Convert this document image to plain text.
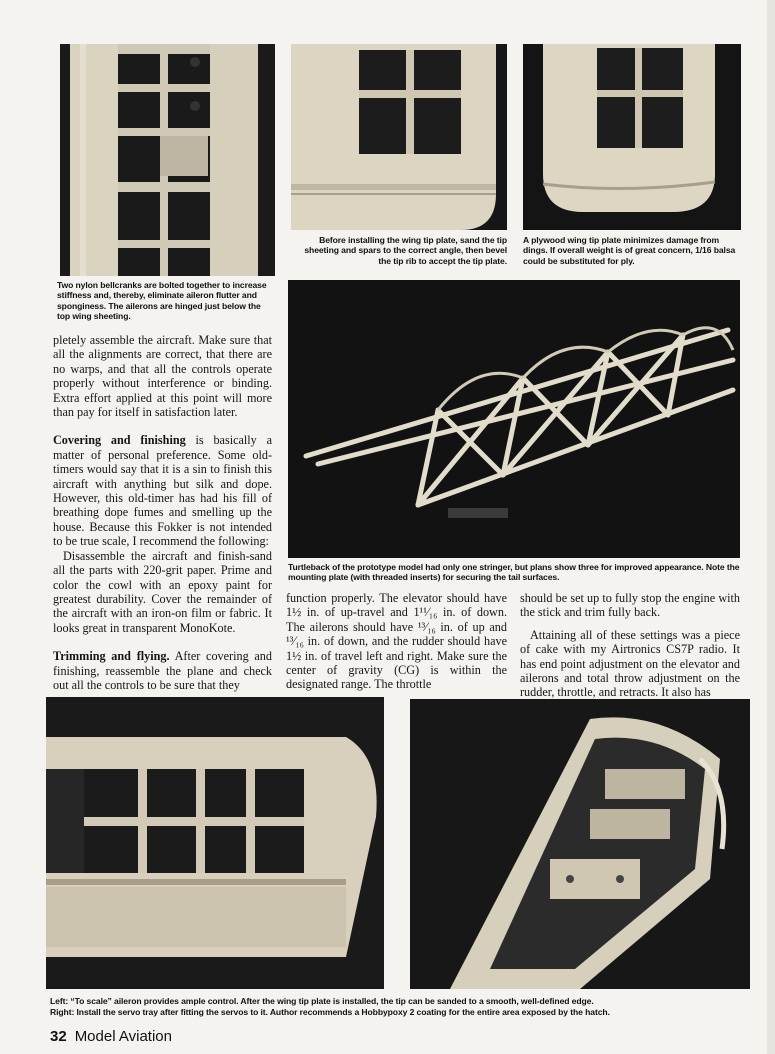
Two nylon bellcranks are bolted together to increase stiffness and, thereby, eliminate aileron flutter and sponginess. The ailerons are hinged just below the top wing sheeting.

Before installing the wing tip plate, sand the tip sheeting and spars to the correct angle, then bevel the tip rib to accept the tip plate.

A plywood wing tip plate minimizes damage from dings. If overall weight is of great concern, 1/16 balsa could be substituted for ply.

Turtleback of the prototype model had only one stringer, but plans show three for improved appearance. Note the mounting plate (with threaded inserts) for securing the tail surfaces.

Left: “To scale” aileron provides ample control. After the wing tip plate is installed, the tip can be sanded to a smooth, well-defined edge.

Right: Install the servo tray after fitting the servos to it. Author recommends a Hobbypoxy 2 coating for the entire area exposed by the hatch.

pletely assemble the aircraft. Make sure that all the alignments are correct, that there are no warps, and that all the controls operate properly without interference or binding. Extra effort applied at this point will more than pay for itself in satisfaction later.

Covering and finishing is basically a matter of personal preference. Some old-timers would say that it is a sin to finish this aircraft with anything but silk and dope. However, this old-timer has had his fill of breathing dope fumes and smelling up the house. Because this Fokker is not intended to be true scale, I recommend the following:

Disassemble the aircraft and finish-sand all the parts with 220-grit paper. Prime and color the cowl with an epoxy paint for greatest durability. Cover the remainder of the aircraft with an iron-on film or fabric. It looks great in transparent MonoKote.

Trimming and flying. After covering and finishing, reassemble the plane and check out all the controls to be sure that they

function properly. The elevator should have 1½ in. of up-travel and 1¹¹⁄₁₆ in. of down. The ailerons should have ¹³⁄₁₆ in. of up and ¹³⁄₁₆ in. of down, and the rudder should have 1½ in. of travel left and right. Make sure the center of gravity (CG) is within the designated range. The throttle

should be set up to fully stop the engine with the stick and trim fully back.

Attaining all of these settings was a piece of cake with my Airtronics CS7P radio. It has end point adjustment on the elevator and ailerons and total throw adjustment on the rudder, throttle, and retracts. It also has

32 Model Aviation
